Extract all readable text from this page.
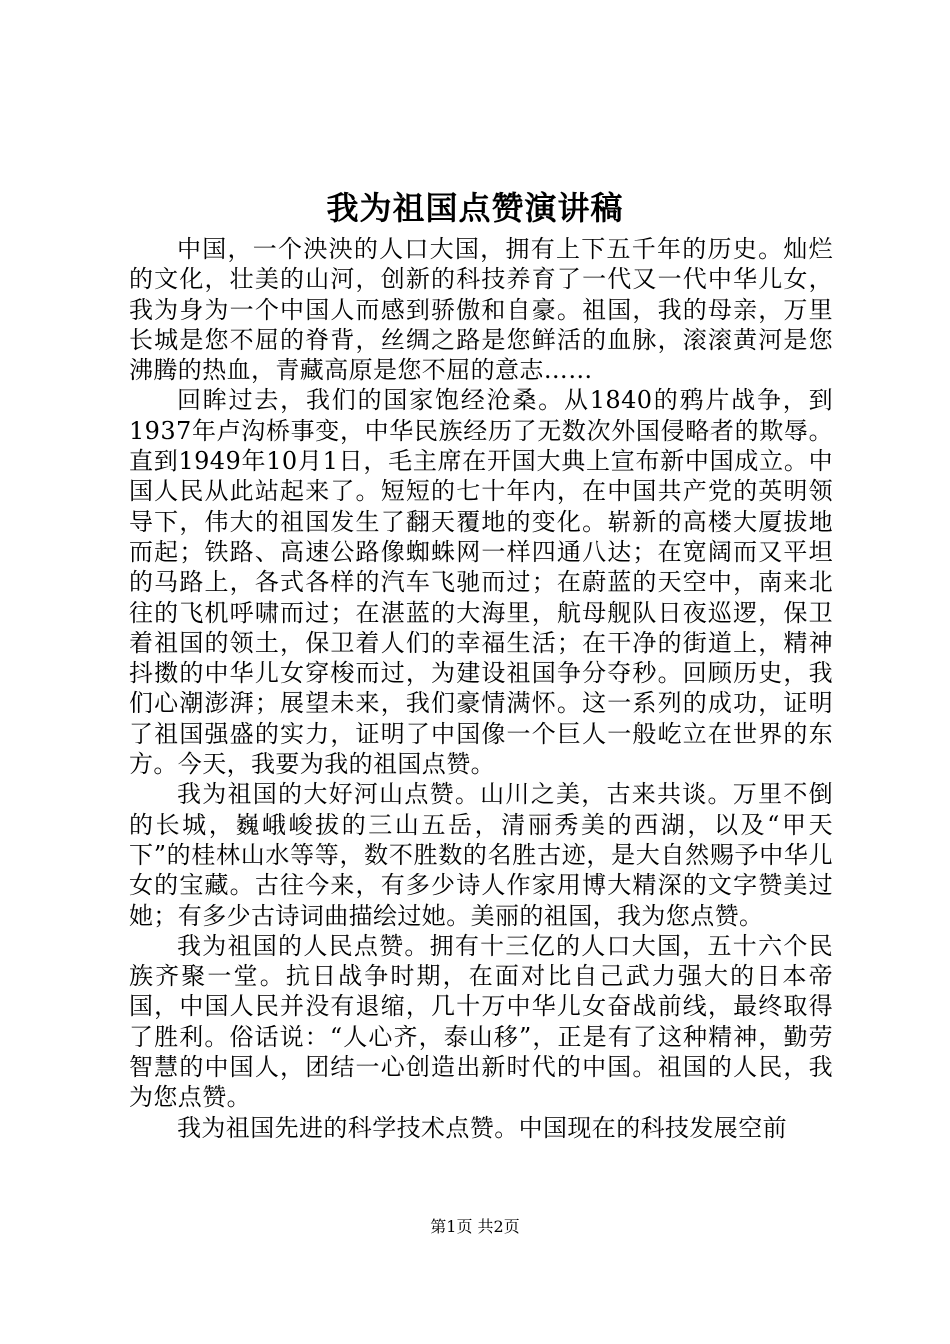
我为祖国点赞演讲稿

中国，一个泱泱的人口大国，拥有上下五千年的历史。灿烂的文化，壮美的山河，创新的科技养育了一代又一代中华儿女，我为身为一个中国人而感到骄傲和自豪。祖国，我的母亲，万里长城是您不屈的脊背，丝绸之路是您鲜活的血脉，滚滚黄河是您沸腾的热血，青藏高原是您不屈的意志……

回眸过去，我们的国家饱经沧桑。从1840的鸦片战争，到1937年卢沟桥事变，中华民族经历了无数次外国侵略者的欺辱。直到1949年10月1日，毛主席在开国大典上宣布新中国成立。中国人民从此站起来了。短短的七十年内，在中国共产党的英明领导下，伟大的祖国发生了翻天覆地的变化。崭新的高楼大厦拔地而起；铁路、高速公路像蜘蛛网一样四通八达；在宽阔而又平坦的马路上，各式各样的汽车飞驰而过；在蔚蓝的天空中，南来北往的飞机呼啸而过；在湛蓝的大海里，航母舰队日夜巡逻，保卫着祖国的领土，保卫着人们的幸福生活；在干净的街道上，精神抖擞的中华儿女穿梭而过，为建设祖国争分夺秒。回顾历史，我们心潮澎湃；展望未来，我们豪情满怀。这一系列的成功，证明了祖国强盛的实力，证明了中国像一个巨人一般屹立在世界的东方。今天，我要为我的祖国点赞。

我为祖国的大好河山点赞。山川之美，古来共谈。万里不倒的长城，巍峨峻拔的三山五岳，清丽秀美的西湖，以及“甲天下”的桂林山水等等，数不胜数的名胜古迹，是大自然赐予中华儿女的宝藏。古往今来，有多少诗人作家用博大精深的文字赞美过她；有多少古诗词曲描绘过她。美丽的祖国，我为您点赞。

我为祖国的人民点赞。拥有十三亿的人口大国，五十六个民族齐聚一堂。抗日战争时期，在面对比自己武力强大的日本帝国，中国人民并没有退缩，几十万中华儿女奋战前线，最终取得了胜利。俗话说：“人心齐，泰山移”，正是有了这种精神，勤劳智慧的中国人，团结一心创造出新时代的中国。祖国的人民，我为您点赞。

我为祖国先进的科学技术点赞。中国现在的科技发展空前

第1页 共2页
